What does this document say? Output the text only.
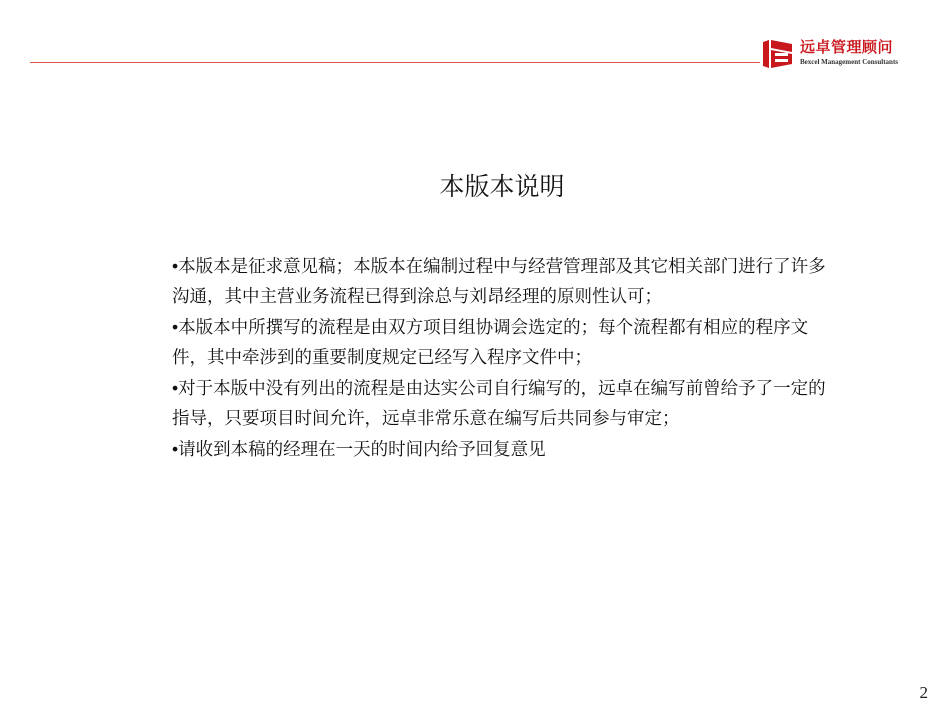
远卓管理顾问
Bexcel Management Consultants
本版本说明

•本版本是征求意见稿；本版本在编制过程中与经营管理部及其它相关部门进行了许多沟通，其中主营业务流程已得到涂总与刘昂经理的原则性认可；

•本版本中所撰写的流程是由双方项目组协调会选定的；每个流程都有相应的程序文件，其中牵涉到的重要制度规定已经写入程序文件中；

•对于本版中没有列出的流程是由达实公司自行编写的，远卓在编写前曾给予了一定的指导，只要项目时间允许，远卓非常乐意在编写后共同参与审定；

•请收到本稿的经理在一天的时间内给予回复意见

2
